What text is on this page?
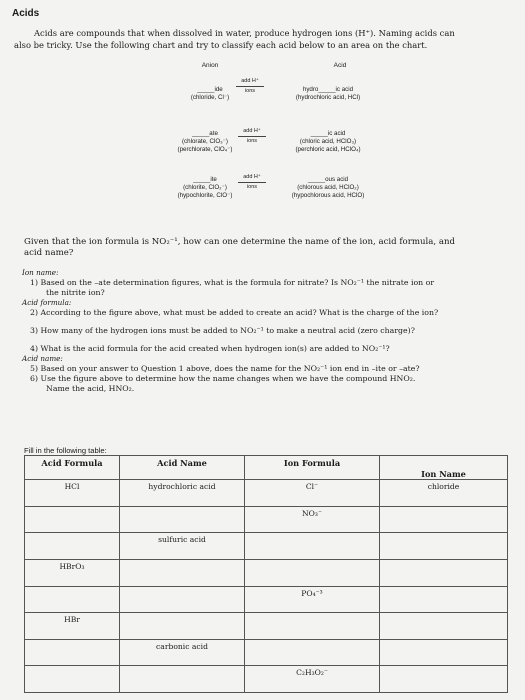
Acids
Acids are compounds that when dissolved in water, produce hydrogen ions (H⁺). Naming acids can
also be tricky. Use the following chart and try to classify each acid below to an area on the chart.
Anion	Acid
_____ide
(chloride, Cl⁻)
add H⁺
ions	hydro_____ic acid
(hydrochloric acid, HCl)
_____ate
(chlorate, ClO₃⁻)
(perchlorate, ClO₄⁻)
add H⁺
ions
_____ic acid
(chloric acid, HClO₃)
(perchloric acid, HClO₄)
_____ite
(chlorite, ClO₂⁻)
(hypochlorite, ClO⁻)
add H⁺
ions
_____ous acid
(chlorous acid, HClO₂)
(hypochlorous acid, HClO)
Given that the ion formula is NO₂⁻¹, how can one determine the name of the ion, acid formula, and
acid name?
Ion name:
1) Based on the –ate determination figures, what is the formula for nitrate? Is NO₂⁻¹ the nitrate ion or
the nitrite ion?
Acid formula:
2) According to the figure above, what must be added to create an acid? What is the charge of the ion?
3) How many of the hydrogen ions must be added to NO₂⁻¹ to make a neutral acid (zero charge)?
4) What is the acid formula for the acid created when hydrogen ion(s) are added to NO₂⁻¹?
Acid name:
5) Based on your answer to Question 1 above, does the name for the NO₂⁻¹ ion end in –ite or –ate?
6) Use the figure above to determine how the name changes when we have the compound HNO₂.
Name the acid, HNO₂.
Fill in the following table:
Acid Formula	Acid Name	Ion Formula	Ion Name
HCl	hydrochloric acid	Cl⁻	chloride
		NO₃⁻	
	sulfuric acid		
HBrO₃			
		PO₄⁻³	
HBr			
	carbonic acid		
		C₂H₃O₂⁻	
